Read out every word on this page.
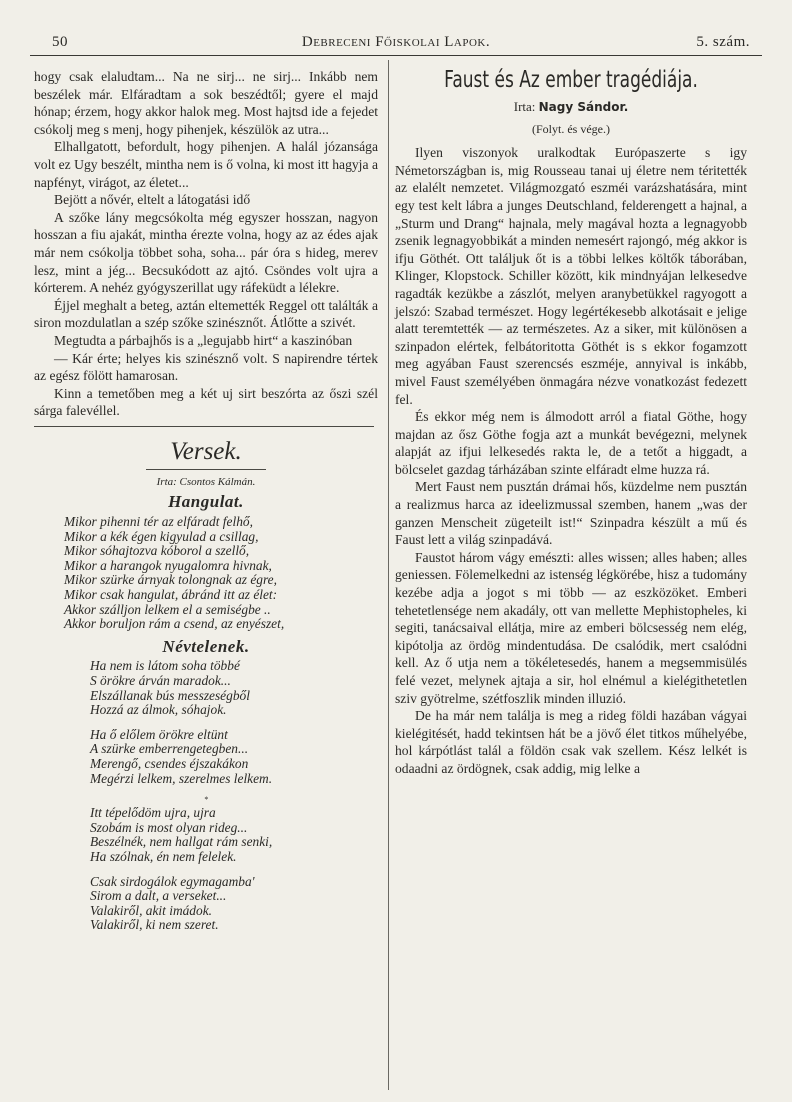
50	Debreceni Főiskolai Lapok.	5. szám.

hogy csak elaludtam... Na ne sirj... ne sirj... Inkább nem beszélek már. Elfáradtam a sok beszédtől; gyere el majd hónap; érzem, hogy akkor halok meg. Most hajtsd ide a fejedet csókolj meg s menj, hogy pihenjek, készülök az utra...

Elhallgatott, befordult, hogy pihenjen. A halál józansága volt ez Ugy beszélt, mintha nem is ő volna, ki most itt hagyja a napfényt, virágot, az életet...

Bejött a nővér, eltelt a látogatási idő

A szőke lány megcsókolta még egyszer hosszan, nagyon hosszan a fiu ajakát, mintha érezte volna, hogy az az édes ajak már nem csókolja többet soha, soha... pár óra s hideg, merev lesz, mint a jég... Becsukódott az ajtó. Csöndes volt ujra a kórterem. A nehéz gyógyszerillat ugy ráfeküdt a lélekre.

Éjjel meghalt a beteg, aztán eltemették Reggel ott találták a siron mozdulatlan a szép szőke szinésznőt. Átlőtte a szivét.

Megtudta a párbajhős is a „legujabb hirt“ a kaszinóban

— Kár érte; helyes kis szinésznő volt. S napirendre tértek az egész fölött hamarosan.

Kinn a temetőben meg a két uj sirt beszórta az őszi szél sárga falevéllel.

Versek.
Irta: Csontos Kálmán.
Hangulat.
Mikor pihenni tér az elfáradt felhő,
Mikor a kék égen kigyulad a csillag,
Mikor sóhajtozva kóborol a szellő,
Mikor a harangok nyugalomra hivnak,
Mikor szürke árnyak tolongnak az égre,
Mikor csak hangulat, ábránd itt az élet:
Akkor szálljon lelkem el a semiségbe ..
Akkor boruljon rám a csend, az enyészet,
Névtelenek.
Ha nem is látom soha többé
S örökre árván maradok...
Elszállanak bús messzeségből
Hozzá az álmok, sóhajok.
Ha ő előlem örökre eltünt
A szürke emberrengetegben...
Merengő, csendes éjszakákon
Megérzi lelkem, szerelmes lelkem.
*
Itt tépelődöm ujra, ujra
Szobám is most olyan rideg...
Beszélnék, nem hallgat rám senki,
Ha szólnak, én nem felelek.
Csak sirdogálok egymagamba'
Sirom a dalt, a verseket...
Valakiről, akit imádok.
Valakiről, ki nem szeret.
Faust és Az ember tragédiája.
Irta: Nagy Sándor.
(Folyt. és vége.)

Ilyen viszonyok uralkodtak Európaszerte s igy Németországban is, mig Rousseau tanai uj életre nem téritették az elalélt nemzetet. Világmozgató eszméi varázshatására, mint egy test kelt lábra a junges Deutschland, felderengett a hajnal, a „Sturm und Drang“ hajnala, mely magával hozta a legnagyobb zsenik legnagyobbikát a minden nemesért rajongó, még akkor is ifju Göthét. Ott találjuk őt is a többi lelkes költők táborában, Klinger, Klopstock. Schiller között, kik mindnyájan lelkesedve ragadták kezükbe a zászlót, melyen aranybetükkel ragyogott a jelszó: Szabad természet. Hogy legértékesebb alkotásait e jelige alatt teremtették — az természetes. Az a siker, mit különösen a szinpadon elértek, felbátoritotta Göthét is s ekkor fogamzott meg agyában Faust szerencsés eszméje, annyival is inkább, mivel Faust személyében önmagára nézve vonatkozást fedezett fel.

És ekkor még nem is álmodott arról a fiatal Göthe, hogy majdan az ősz Göthe fogja azt a munkát bevégezni, melynek alapját az ifjui lelkesedés rakta le, de a tetőt a higgadt, a bölcselet gazdag tárházában szinte elfáradt elme huzza rá.

Mert Faust nem pusztán drámai hős, küzdelme nem pusztán a realizmus harca az ideelizmussal szemben, hanem „was der ganzen Menscheit zügeteilt ist!“ Szinpadra készült a mű és Faust lett a világ szinpadává.

Faustot három vágy emészti: alles wissen; alles haben; alles geniessen. Fölemelkedni az istenség légkörébe, hisz a tudomány kezébe adja a jogot s mi több — az eszközöket. Emberi tehetetlensége nem akadály, ott van mellette Mephistopheles, ki segiti, tanácsaival ellátja, mire az emberi bölcsesség nem elég, kipótolja az ördög mindentudása. De csalódik, mert csalódni kell. Az ő utja nem a tökéletesedés, hanem a megsemmisülés felé vezet, melynek ajtaja a sir, hol elnémul a kielégithetetlen sziv gyötrelme, szétfoszlik minden illuzió.

De ha már nem találja is meg a rideg földi hazában vágyai kielégitését, hadd tekintsen hát be a jövő élet titkos műhelyébe, hol kárpótlást talál a földön csak vak szellem. Kész lelkét is odaadni az ördögnek, csak addig, mig lelke a
